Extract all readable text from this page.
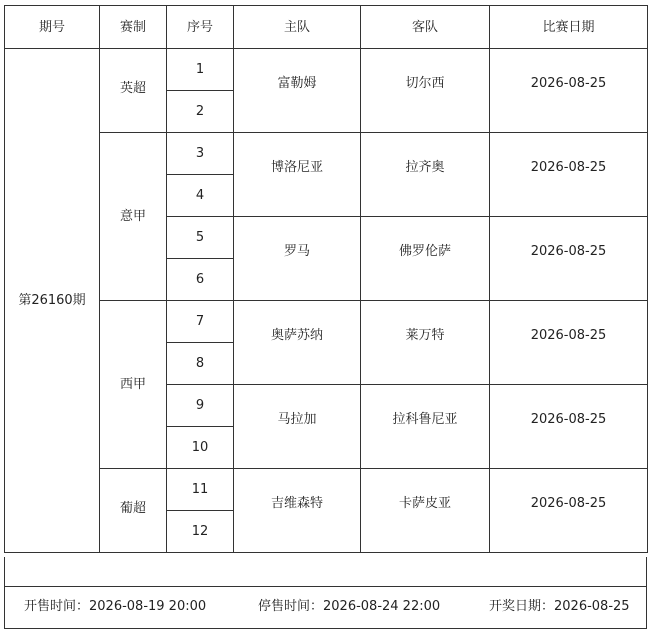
期号	赛制	序号	主队	客队	比赛日期
第26160期	英超	1	富勒姆	切尔西	2026-08-25
		2			
	意甲	3	博洛尼亚	拉齐奥	2026-08-25
		4			
		5	罗马	佛罗伦萨	2026-08-25
		6			
	西甲	7	奥萨苏纳	莱万特	2026-08-25
		8			
		9	马拉加	拉科鲁尼亚	2026-08-25
		10			
	葡超	11	吉维森特	卡萨皮亚	2026-08-25
		12			
开售时间：2026-08-19 20:00	停售时间：2026-08-24 22:00	开奖日期：2026-08-25
